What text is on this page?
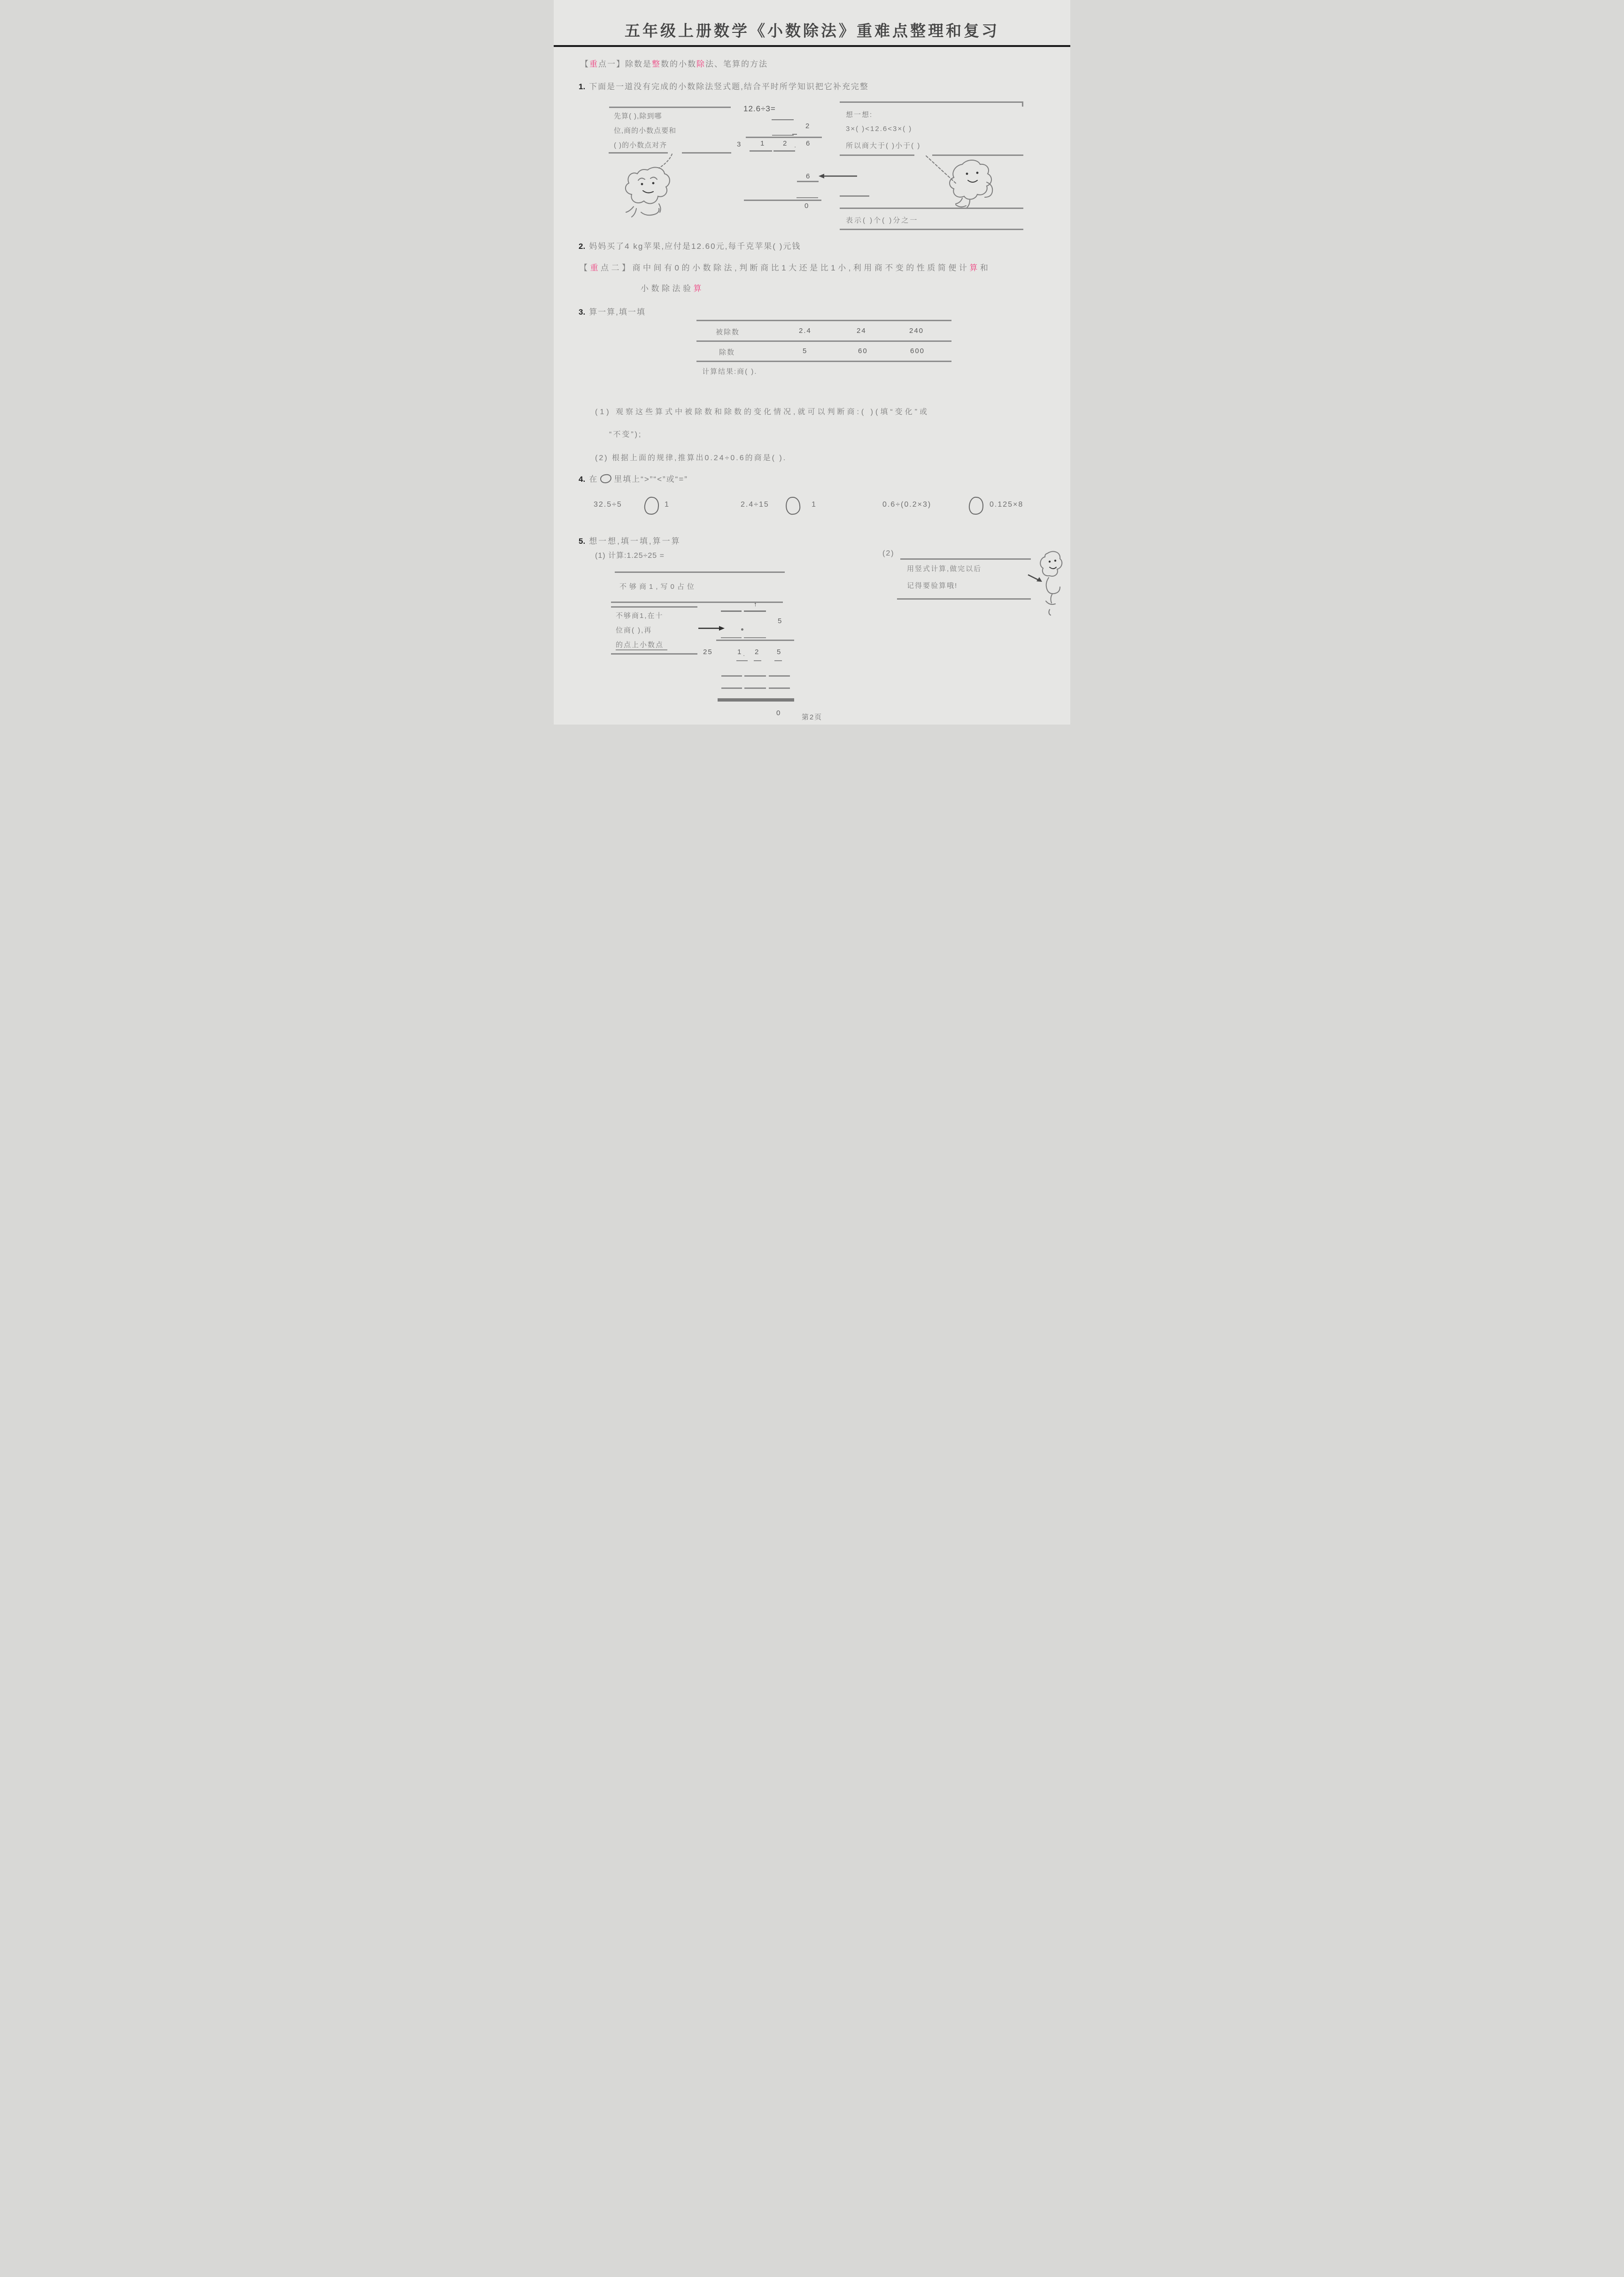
五年级上册数学《小数除法》重难点整理和复习
【重点一】除数是整数的小数除法、笔算的方法
1. 下面是一道没有完成的小数除法竖式题,结合平时所学知识把它补充完整
先算( ),除到哪
位,商的小数点要和
( )的小数点对齐
12.6÷3=
2
3	1	2 . 6
6
0
想一想:
3×( )<12.6<3×( )
所以商大于( )小于( )
表示( )个( )分之一
2. 妈妈买了4 kg苹果,应付是12.60元,每千克苹果( )元钱
【重点二】商中间有0的小数除法,判断商比1大还是比1小,利用商不变的性质简便计算和
小数除法验算
3. 算一算,填一填
被除数	2.4	24	240
除数	5	60	600
计算结果:商( ).
(1) 观察这些算式中被除数和除数的变化情况,就可以判断商:( )(填“变化”或
“不变”);
(2) 根据上面的规律,推算出0.24÷0.6的商是( ).
4. 在 里填上“>”“<”或“=”
32.5÷5	1	2.4÷15	1	0.6÷(0.2×3)	0.125×8
5. 想一想,填一填,算一算
(1) 计算:1.25÷25 =	(2)
用竖式计算,做完以后
记得要验算哦!
不够商1,写0占位
不够商1,在十
位商( ),再
的点上小数点
↑
5
25	1 . 2	5
0
第2页
